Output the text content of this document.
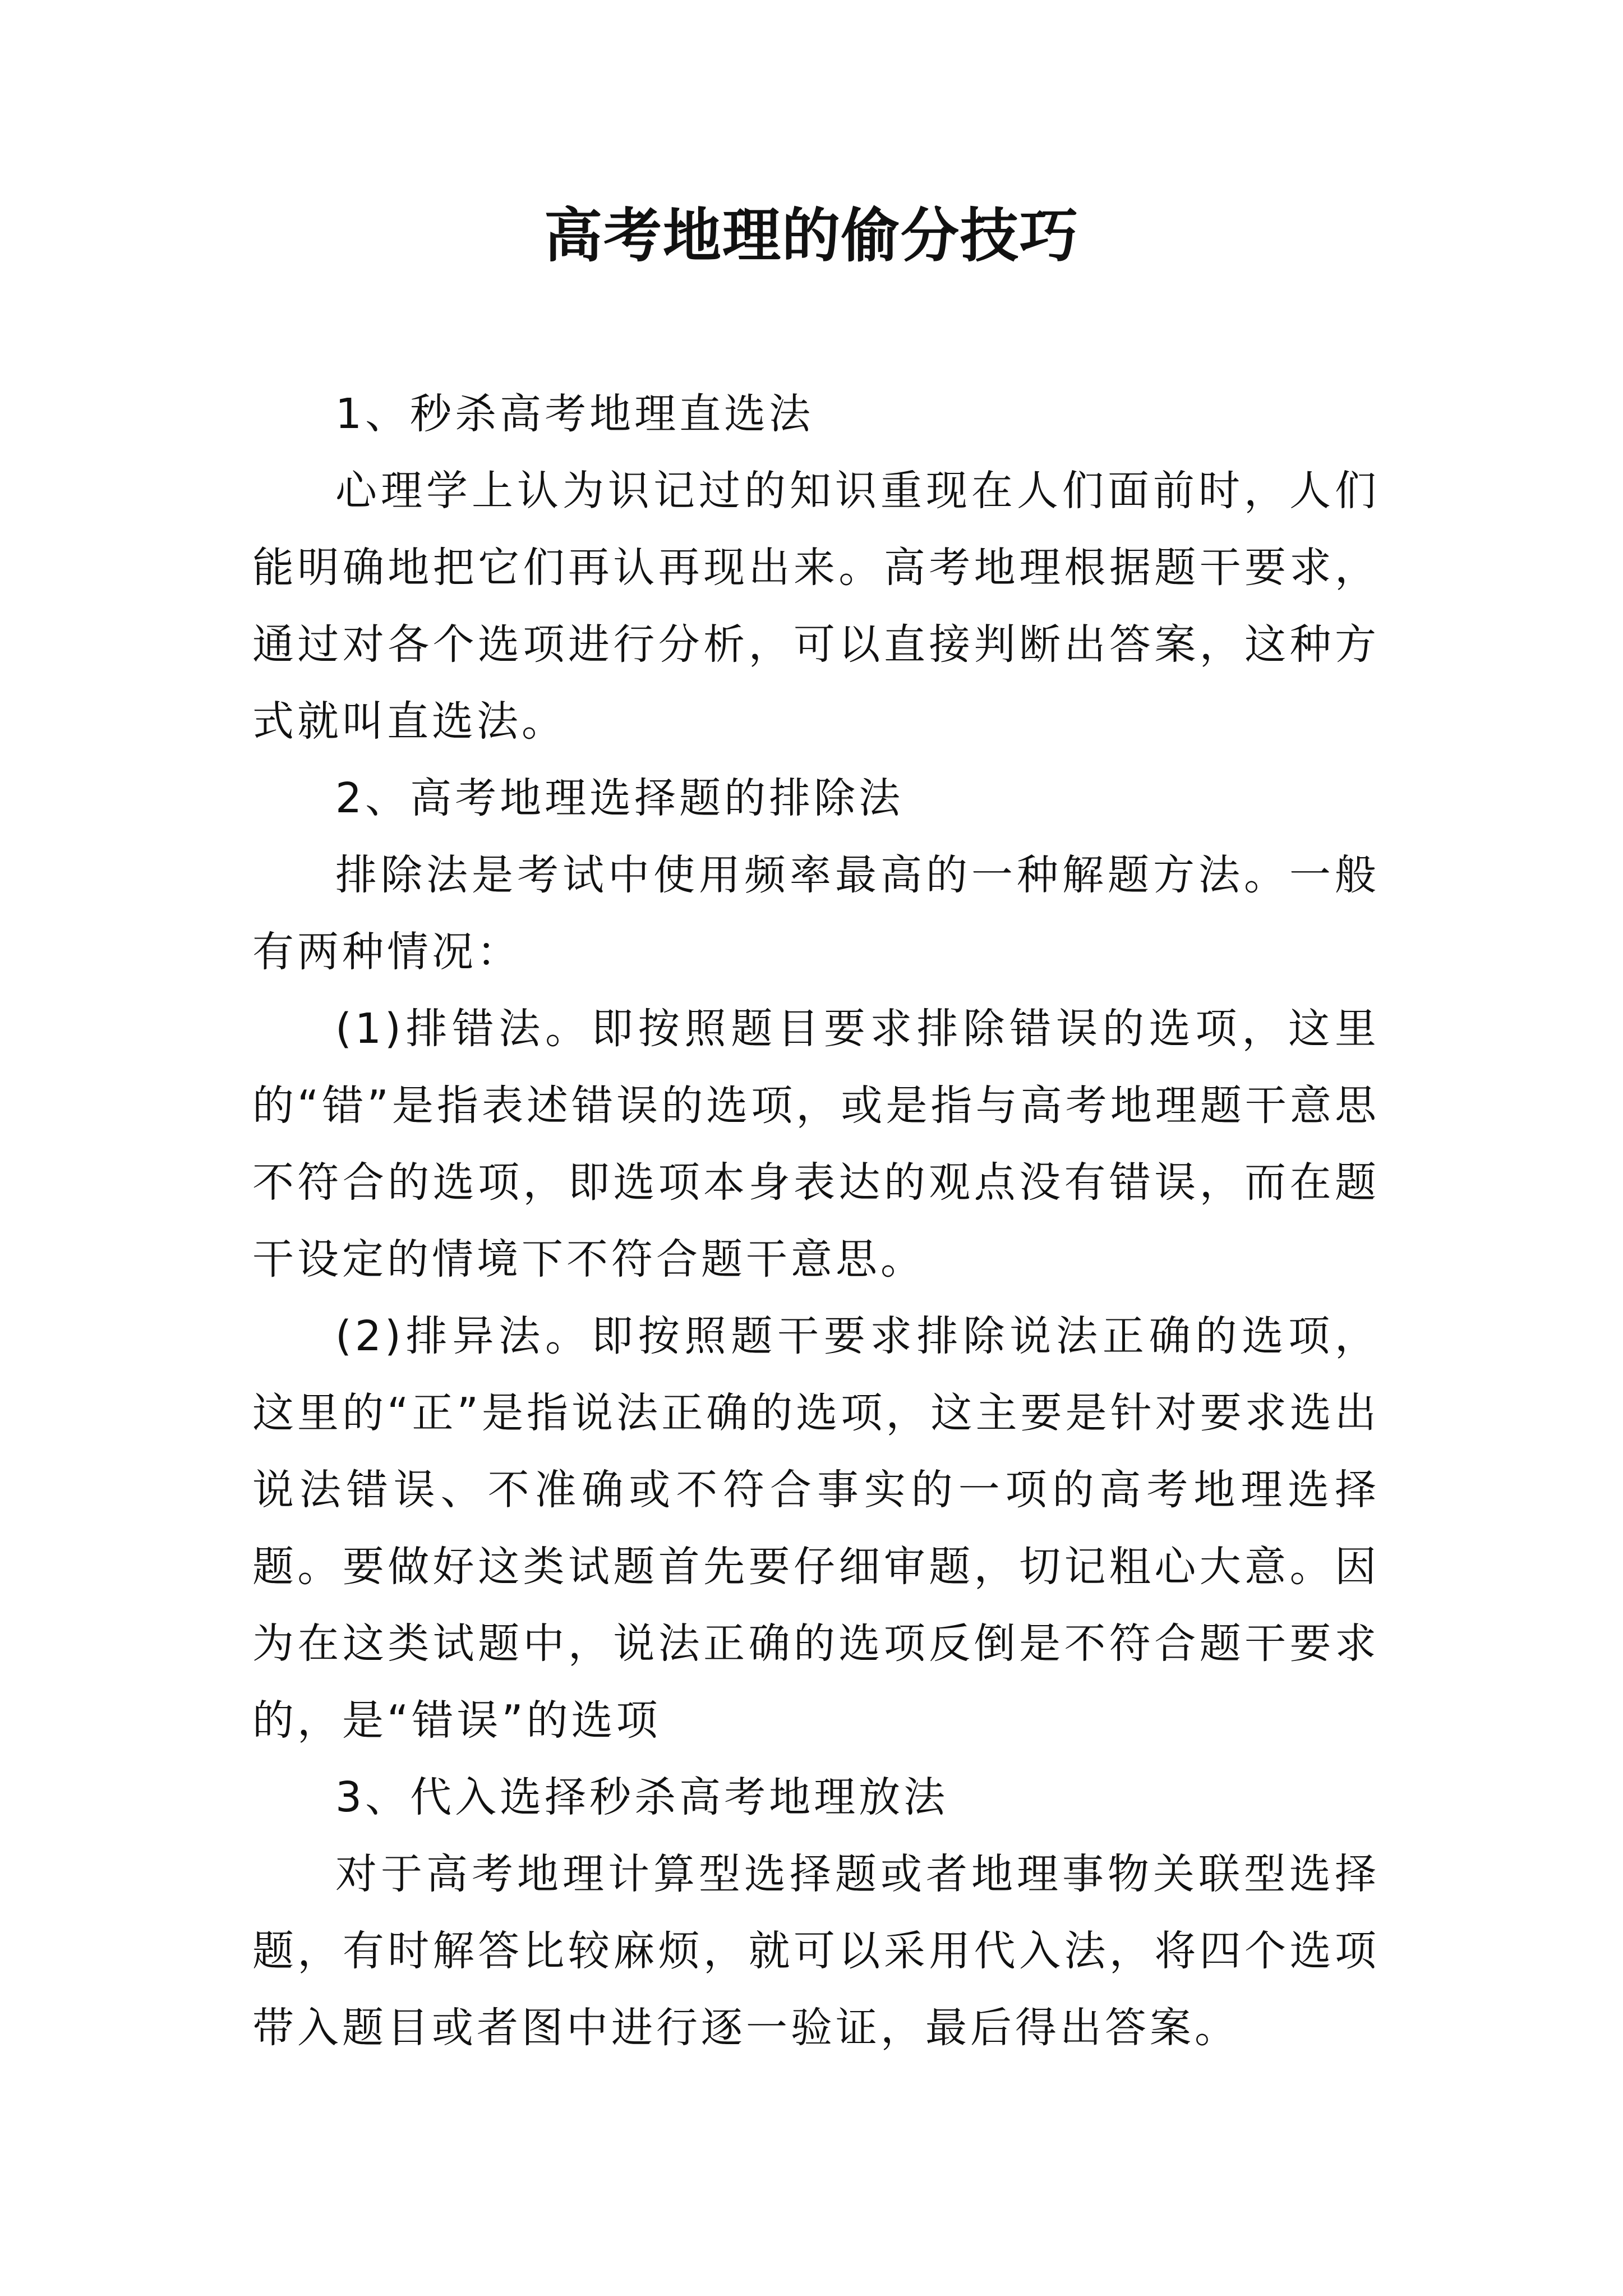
高考地理的偷分技巧

1、秒杀高考地理直选法

心理学上认为识记过的知识重现在人们面前时，人们能明确地把它们再认再现出来。高考地理根据题干要求，通过对各个选项进行分析，可以直接判断出答案，这种方式就叫直选法。

2、高考地理选择题的排除法

排除法是考试中使用频率最高的一种解题方法。一般有两种情况：

(1)排错法。即按照题目要求排除错误的选项，这里的“错”是指表述错误的选项，或是指与高考地理题干意思不符合的选项，即选项本身表达的观点没有错误，而在题干设定的情境下不符合题干意思。

(2)排异法。即按照题干要求排除说法正确的选项，这里的“正”是指说法正确的选项，这主要是针对要求选出说法错误、不准确或不符合事实的一项的高考地理选择题。要做好这类试题首先要仔细审题，切记粗心大意。因为在这类试题中，说法正确的选项反倒是不符合题干要求的，是“错误”的选项

3、代入选择秒杀高考地理放法

对于高考地理计算型选择题或者地理事物关联型选择题，有时解答比较麻烦，就可以采用代入法，将四个选项带入题目或者图中进行逐一验证，最后得出答案。
